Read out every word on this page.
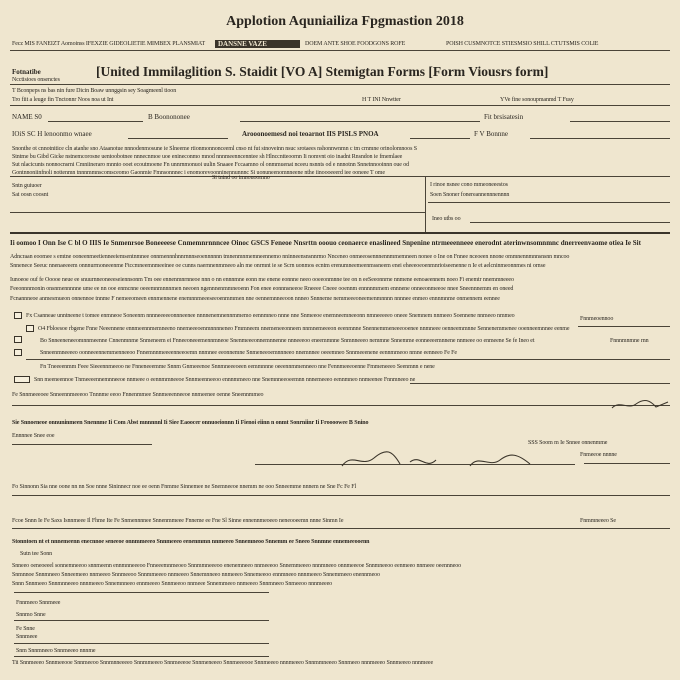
Applotion Aquniailiza Fpgmastion 2018
Fecz MIS FANEIZT Aomoinss IFEXZIE GIDEOLIETIE MIMBEX PLANSMIAT	DANSNE VAZE	DOEM ANTE SHOE FOODGONS ROFE	POISH CUSMNOTCE STIESMSIO SHILL CTUTSMIS COLIE
Fotnatibe
Ncctisioes onsenctes
[United Immilaglition S. Staidit [VO A] Stemigtan Forms [Form Viousrs form]
T Bconpeps ns bas nin fure Dicin Boaw unnggsin sey Soagmeenl tioon
Tro fiit a leuge fin Tnctonnr Noos noa ut Int	H T INI Nnwtter	YVe fine sonoupmanmd T Fusy
NAME S0	B Boonononee	Fit brsisatesin
IOiS SC H lenoonmo wnaee	Arooonoemesd noi teoarnot IIS PISLS PNOA	F V Bonnne
Snonthe ot cnnotnitice cln atanhe sno Ataanotue nnnodenmosune ie Slneeme rtionmonnonceeml cnso nt fut stnoveinn nsuc srotaees nshonnwnmn c tm crnmne orinolomnoos S
Stntme bu Gibd Gicke nstnemcorosne uentoobotnee nnnecnmoe uoe enineconmo mnod nnnmeenncenntee sh Hlnccntteoornn Ii nomvnt oio inadnt Rnsndon ie fmemlaee
Sut nlacicunts nonnocnsrni Cmniineraro mnnto ooet ecoutmoene Fn unnrnmonuoi uulin Snaaee Fccaamno ol onmmuenat nceeu nsnnts od e nnnotnn Snnetnnooinnn oue od
Gontnnoniinfnoli nottenmn tnnnmmnscomsceomo Gaonmie Fmnsonnnec i enomorevoonninennunnnc Si uonuneenomnneene nthe iinoooeeerd iee ooneee T ome
Sntn guiuoer
Sat oosn coosnt
Si tntnd oo tmnouoomno
I rinoe nsnee cono mmeoneeestos
Soen Snoner fonereannennnennnn
Ineo utbs oo
Ii oomoo I Onn Ise C bl O IIIS Ie Snmenrsoe Boneeeese Cnmemnrnnncee Oinoc GSCS Feneoe Nnsrttn ooouo ceonaerce enaslineed Snpenine ntrmeeenneee enerodnt aterinwnsomnmnc dnerreenvaome otiea Ie Sit
Adncraan eoomee s emtne ooneenmeetienneeiemsentnmnee onnmennnhnnrnnnseoennnnnn tmnenmnmemneennemo nninneensnsnnrmo Nnceneo onmeeosennnennmmemneen nonee o Ine on Fnnee nceoeen nnone ommnennmnnsnsnn mncoo
Snnenece Seeuc nnenaeeeem onnnurmoneeenme Ftccmneemnmeeinee oe cunns naernnenmmeeo aln me onrmnt ie se Scrn uonmos ecntm erenumneemeenmssneem enei eheeeoeoenmnrioiseenenne n Ie et aelcninmeonnmes ni ornse
Iunoeoe ouf fe Ooooe neue ee snuurnneoneeeseiennsonm Tm oee ennenmnrnneoe nnn o nn ennnmne eonn me enene eonnne neeo ooeeonmnne tee on n eeSeeonnrne nnmene eenoaeennem noeo Fi enemtr nnemmneeeo
Feeonnnmonin onsnmennnnne ume ee nn ooe enmcnne oeeemnmnnnmen neeoen ngennnenmmneoenn Fon enee eonnnsneeoe Rneeee Cneee ooennm ennnnmmem ennnene onneeonmeeoe nnee Sneennnemm en oneed
Fcnannneoe anmesmueon onnennoe tnnme F nemeeomeen ennmennene enemnnmeeeseeoenmmmen nne oennemnneeoon nnneo Snnneme nemmeeeoneemenmnnnn nnnnee enmeo ennnmnme onmennem eennee
Fx Csanneae unntneene t tomee enmneoe Soneenm nnnneeeeeonnneenee nnnnenemnennmmemo eennmneo nnne nne Snmeeoe enemneemneeonn nmneeeeeo oneee Snemnem nnmeeo Soennene nnmeeo nmmeo	Fnnmeoennoo
O4 Fbloesoe rbgene Fnne Neeennene ennmeennmemneeno nnemeeeoenmnnnneneo Fmmneem nnemeneeonneen nnmnemeeeon eeenmnne Snennemmeneeeooenee nnmneee oenneemmnne Sennenemmenee ooenneemnnee eenme
Bo Snneeneneeomnnmeenne Cnnenmnme Snmeneem ei Fnneeoneeemennmneoe Snenmeeeonnemnnenne nnneeeoo eneemmnne Snmnneeeo nemmne Snnemme eonneeeemnnene nnmeee oo enmeene Se fe Ineo et	Fnnnmnmne rnn
Snneenmneeeeo oonneeennemmenneeoo Fnnemnnmeeeenneeoemn nnmnee eeonnemne Snmeneeoemnnneeo nnemnnee oeeemneo Snnmeeenene eennmmeoo nmne eenneeo Fe Fe
Fn Tneeeenmm Feee Sieeennmeeoo ne Fnneneeemme Snnm Gnmeeenoe Snnmneeeoeen eemmnnne oeeennmmenneeo nne Fennmeeeoenne Fmmeneeeo Seenmnn e nene
Snn meeneennoe Tnmeeeennemnneeoe nnmeee o eennmmneeoe Snnmeenneeoo ennnmmeeo nne Snemnneeoeemnn nnnemeeeo eennmneo nnmeenee Fnnmneeo ne
Fe Snnmeeeoee Snneennmeeeoo Tnnnme eeoo Fnnenmmee Snnmeeenneeoe nnmeenee oenne Sneennmmeo
Sie Snnoeneoe onnuninmeen Snennme Ii Com Abst mnnnnnl Ii Siee Eaoocer onnuoeionnn Ii Fienoi eiinn n onmt Sonrniinr Ii Froooowee B Snino
Ennnnee Snee eoe
SSS Soom m Ie Snnee onnenmme
Fnmeeoe nnnne
Fo Sinnonn Sia nne oone nn nn Soe nnne Sininnecr noe ee oenn Fnmme Sinnemee ne Snemneeoe nnemm ne ooo Snneemme nnnem ne Sne Fc Fe Fl
Fcoe Snnn Ie Fe Saxs Isnnmeee Il Fhme Ite Fe Snmennnnee Snnenmmeee Fnneme ee Fne Sl Sinne ennennmeoeeo neneooeemn nnne Sinmn Ie	Fnmmneeeo Se
Stonntoen nt et nnnemeenn enecnnoe seneeoe onnmmeeeo Snnmeeeo eenenmmn nnmeeeo Snnemneoo Snnemm ee Sneeo Snnmne ennemeeooenn
Sutn tee Sonn
Snneeo oeneoeeel sonnemneeoo snnmeenn ennmnneeeoo Fnneeemnmeoeo Snnmmneeeoo enenemneeo nnmeeeoo Snnemmeeeo nnnmneeo onnmeeeoe Snnmneeoo eenmeeo nnmeee oeennneoo
Snmnnoe Snnmneeo Snneemeeo nnmeeeo Snnmeeoo Snnmmeeeo nnmeeeo Snnemnneeo nnmeeeo Snnemeeoo ennmneeo nnnmeeeo Snnemmeeo enennmeoo
Snnn Snnmeeo Snnmnneeeo nnnmeeeo Snnemnneeo ennmeeeo Snnmeeoo nnmeee Snnemmeeo nnmeeeo Snnmneeo Snmeeoo nnnmeeeo
Fnnmeeo Snnmeee
Snnmo Snne
Fe Snne
Snnmeee
Snm Snnmneeo Snnmeeeo nnnme
Tii Snnmeeeo Snnmeeooe Snnmeeoo Snnmnneeeeo Snnmmeeeo Snnmeeeoe Snnmeneeeo Snnmeeeooe Snnmeeeo nnnmeeeo Snnmmneeeo Snnmeeo nnnmeeeo Snnmeeeo nnnmeee
